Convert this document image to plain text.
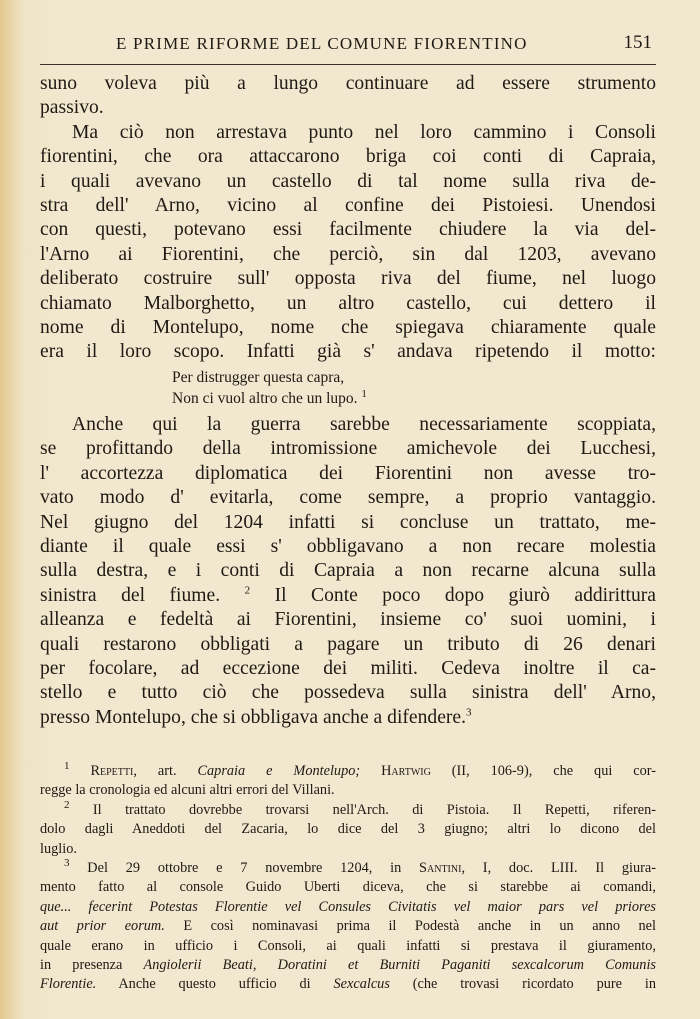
E PRIME RIFORME DEL COMUNE FIORENTINO	151

suno voleva più a lungo continuare ad essere strumento
passivo.

Ma ciò non arrestava punto nel loro cammino i Consoli
fiorentini, che ora attaccarono briga coi conti di Capraia,
i quali avevano un castello di tal nome sulla riva de-
stra dell' Arno, vicino al confine dei Pistoiesi. Unendosi
con questi, potevano essi facilmente chiudere la via del-
l'Arno ai Fiorentini, che perciò, sin dal 1203, avevano
deliberato costruire sull' opposta riva del fiume, nel luogo
chiamato Malborghetto, un altro castello, cui dettero il
nome di Montelupo, nome che spiegava chiaramente quale
era il loro scopo. Infatti già s' andava ripetendo il motto:

Per distrugger questa capra,
Non ci vuol altro che un lupo. $^1$

Anche qui la guerra sarebbe necessariamente scoppiata,
se profittando della intromissione amichevole dei Lucchesi,
l' accortezza diplomatica dei Fiorentini non avesse tro-
vato modo d' evitarla, come sempre, a proprio vantaggio.
Nel giugno del 1204 infatti si concluse un trattato, me-
diante il quale essi s' obbligavano a non recare molestia
sulla destra, e i conti di Capraia a non recarne alcuna sulla
sinistra del fiume. $^2$ Il Conte poco dopo giurò addirittura
alleanza e fedeltà ai Fiorentini, insieme co' suoi uomini, i
quali restarono obbligati a pagare un tributo di 26 denari
per focolare, ad eccezione dei militi. Cedeva inoltre il ca-
stello e tutto ciò che possedeva sulla sinistra dell' Arno,
presso Montelupo, che si obbligava anche a difendere.$^3$

$^1$ Repetti, art. Capraia e Montelupo; Hartwig (II, 106-9), che qui cor-
regge la cronologia ed alcuni altri errori del Villani.
$^2$ Il trattato dovrebbe trovarsi nell'Arch. di Pistoia. Il Repetti, riferen-
dolo dagli Aneddoti del Zacaria, lo dice del 3 giugno; altri lo dicono del
luglio.
$^3$ Del 29 ottobre e 7 novembre 1204, in Santini, I, doc. LIII. Il giura-
mento fatto al console Guido Uberti diceva, che si starebbe ai comandi,
que... fecerint Potestas Florentie vel Consules Civitatis vel maior pars vel priores
aut prior eorum. E così nominavasi prima il Podestà anche in un anno nel
quale erano in ufficio i Consoli, ai quali infatti si prestava il giuramento,
in presenza Angiolerii Beati, Doratini et Burniti Paganiti sexcalcorum Comunis
Florentie. Anche questo ufficio di Sexcalcus (che trovasi ricordato pure in
